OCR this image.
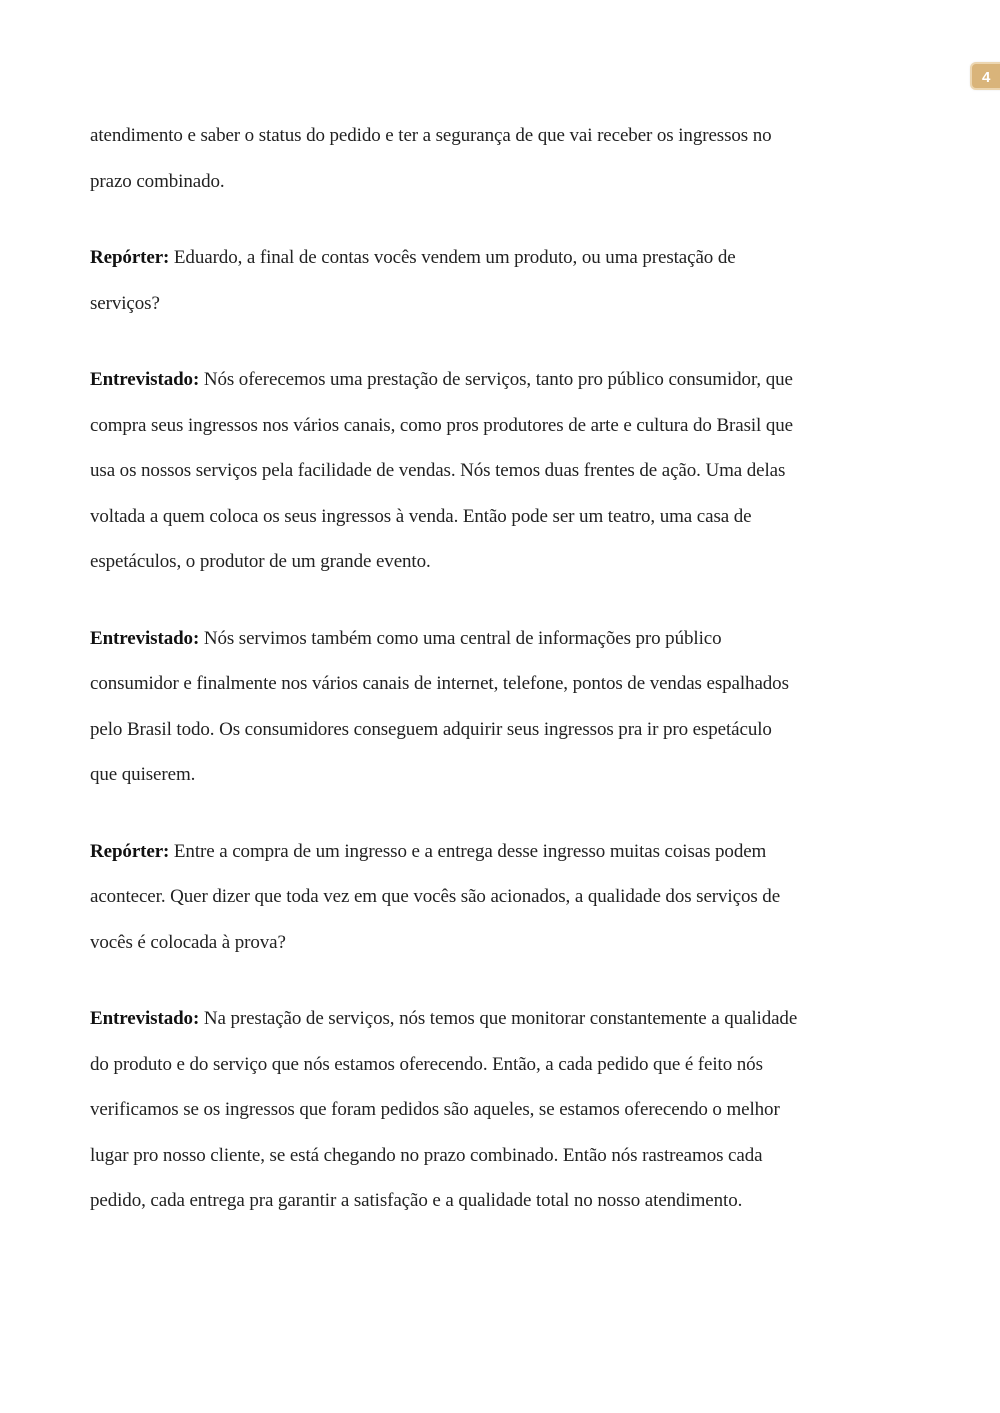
4

atendimento e saber o status do pedido e ter a segurança de que vai receber os ingressos no prazo combinado.

Repórter: Eduardo, a final de contas vocês vendem um produto, ou uma prestação de serviços?

Entrevistado: Nós oferecemos uma prestação de serviços, tanto pro público consumidor, que compra seus ingressos nos vários canais, como pros produtores de arte e cultura do Brasil que usa os nossos serviços pela facilidade de vendas. Nós temos duas frentes de ação. Uma delas voltada a quem coloca os seus ingressos à venda. Então pode ser um teatro, uma casa de espetáculos, o produtor de um grande evento.

Entrevistado: Nós servimos também como uma central de informações pro público consumidor e finalmente nos vários canais de internet, telefone, pontos de vendas espalhados pelo Brasil todo. Os consumidores conseguem adquirir seus ingressos pra ir pro espetáculo que quiserem.

Repórter: Entre a compra de um ingresso e a entrega desse ingresso muitas coisas podem acontecer. Quer dizer que toda vez em que vocês são acionados, a qualidade dos serviços de vocês é colocada à prova?

Entrevistado: Na prestação de serviços, nós temos que monitorar constantemente a qualidade do produto e do serviço que nós estamos oferecendo. Então, a cada pedido que é feito nós verificamos se os ingressos que foram pedidos são aqueles, se estamos oferecendo o melhor lugar pro nosso cliente, se está chegando no prazo combinado. Então nós rastreamos cada pedido, cada entrega pra garantir a satisfação e a qualidade total no nosso atendimento.
